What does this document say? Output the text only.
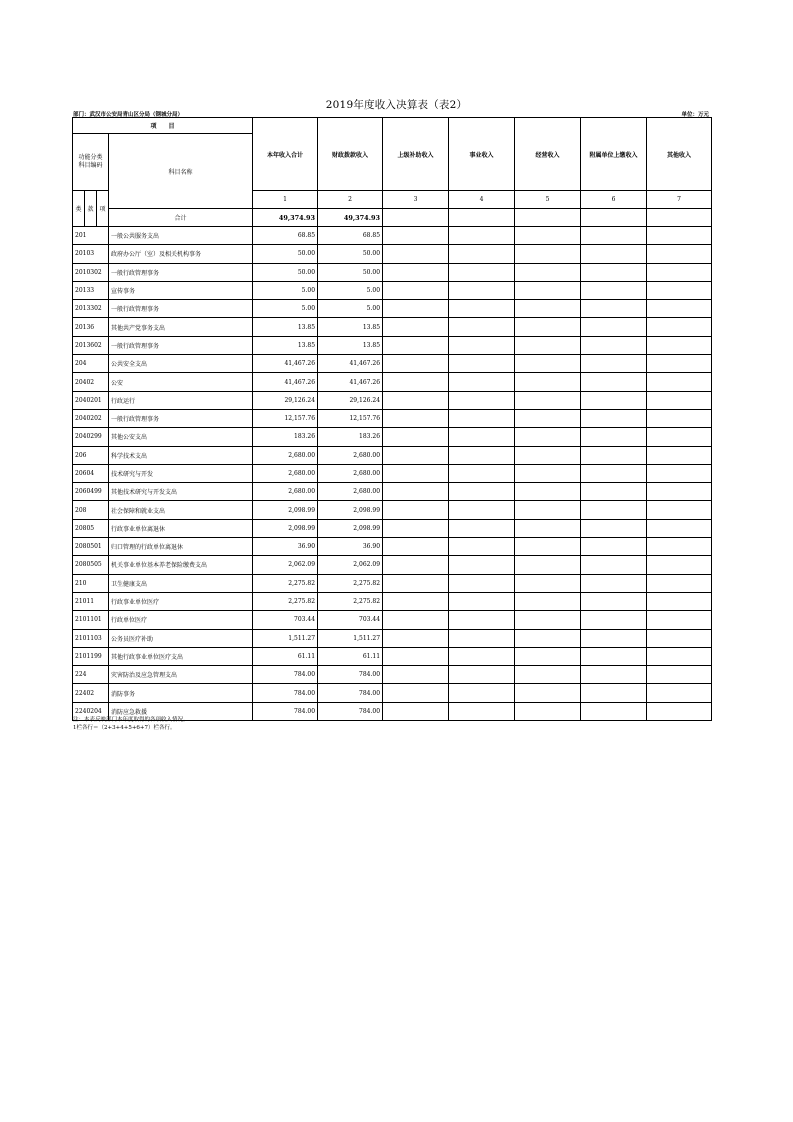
2019年度收入决算表（表2）
部门：武汉市公安局青山区分局（钢城分局）	单位：万元
项　　目				本年收入合计	财政拨款收入	上级补助收入	事业收入	经营收入	附属单位上缴收入	其他收入
功能分类
科目编码			科目名称							
类	款	项		1	2	3	4	5	6	7
			合计	49,374.93	49,374.93					
201			一般公共服务支出	68.85	68.85					
20103			政府办公厅（室）及相关机构事务	50.00	50.00					
2010302			一般行政管理事务	50.00	50.00					
20133			宣传事务	5.00	5.00					
2013302			一般行政管理事务	5.00	5.00					
20136			其他共产党事务支出	13.85	13.85					
2013602			一般行政管理事务	13.85	13.85					
204			公共安全支出	41,467.26	41,467.26					
20402			公安	41,467.26	41,467.26					
2040201			行政运行	29,126.24	29,126.24					
2040202			一般行政管理事务	12,157.76	12,157.76					
2040299			其他公安支出	183.26	183.26					
206			科学技术支出	2,680.00	2,680.00					
20604			技术研究与开发	2,680.00	2,680.00					
2060499			其他技术研究与开发支出	2,680.00	2,680.00					
208			社会保障和就业支出	2,098.99	2,098.99					
20805			行政事业单位离退休	2,098.99	2,098.99					
2080501			归口管理的行政单位离退休	36.90	36.90					
2080505			机关事业单位基本养老保险缴费支出	2,062.09	2,062.09					
210			卫生健康支出	2,275.82	2,275.82					
21011			行政事业单位医疗	2,275.82	2,275.82					
2101101			行政单位医疗	703.44	703.44					
2101103			公务员医疗补助	1,511.27	1,511.27					
2101199			其他行政事业单位医疗支出	61.11	61.11					
224			灾害防治及应急管理支出	784.00	784.00					
22402			消防事务	784.00	784.00					
2240204			消防应急救援	784.00	784.00					
注：本表反映部门本年度取得的各项收入情况。
1栏各行＝（2+3+4+5+6+7）栏各行。
